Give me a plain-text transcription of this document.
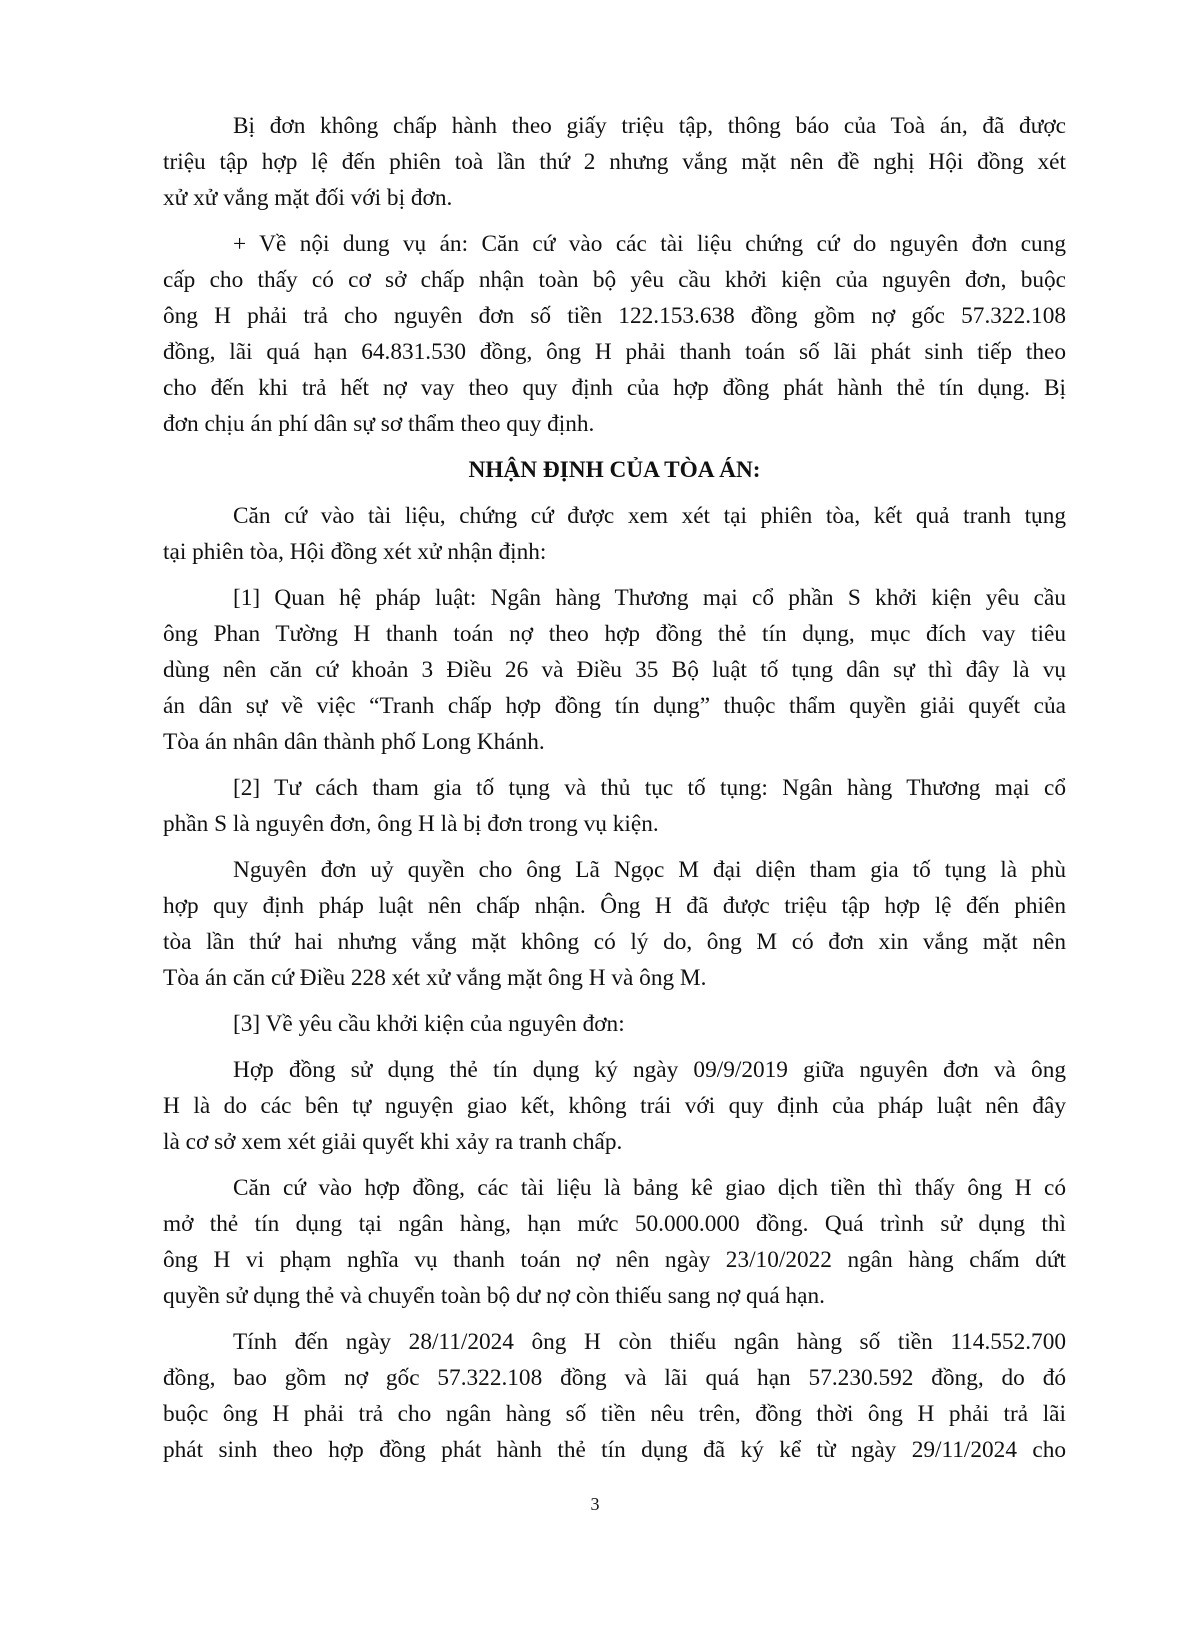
Bị đơn không chấp hành theo giấy triệu tập, thông báo của Toà án, đã được
triệu tập hợp lệ đến phiên toà lần thứ 2 nhưng vắng mặt nên đề nghị Hội đồng xét
xử xử vắng mặt đối với bị đơn.
+ Về nội dung vụ án: Căn cứ vào các tài liệu chứng cứ do nguyên đơn cung
cấp cho thấy có cơ sở chấp nhận toàn bộ yêu cầu khởi kiện của nguyên đơn, buộc
ông H phải trả cho nguyên đơn số tiền 122.153.638 đồng gồm nợ gốc 57.322.108
đồng, lãi quá hạn 64.831.530 đồng, ông H phải thanh toán số lãi phát sinh tiếp theo
cho đến khi trả hết nợ vay theo quy định của hợp đồng phát hành thẻ tín dụng. Bị
đơn chịu án phí dân sự sơ thẩm theo quy định.
NHẬN ĐỊNH CỦA TÒA ÁN:
Căn cứ vào tài liệu, chứng cứ được xem xét tại phiên tòa, kết quả tranh tụng
tại phiên tòa, Hội đồng xét xử nhận định:
[1] Quan hệ pháp luật: Ngân hàng Thương mại cổ phần S khởi kiện yêu cầu
ông Phan Tường H thanh toán nợ theo hợp đồng thẻ tín dụng, mục đích vay tiêu
dùng nên căn cứ khoản 3 Điều 26 và Điều 35 Bộ luật tố tụng dân sự thì đây là vụ
án dân sự về việc “Tranh chấp hợp đồng tín dụng” thuộc thẩm quyền giải quyết của
Tòa án nhân dân thành phố Long Khánh.
[2] Tư cách tham gia tố tụng và thủ tục tố tụng: Ngân hàng Thương mại cổ
phần S là nguyên đơn, ông H là bị đơn trong vụ kiện.
Nguyên đơn uỷ quyền cho ông Lã Ngọc M đại diện tham gia tố tụng là phù
hợp quy định pháp luật nên chấp nhận. Ông H đã được triệu tập hợp lệ đến phiên
tòa lần thứ hai nhưng vắng mặt không có lý do, ông M có đơn xin vắng mặt nên
Tòa án căn cứ Điều 228 xét xử vắng mặt ông H và ông M.
[3] Về yêu cầu khởi kiện của nguyên đơn:
Hợp đồng sử dụng thẻ tín dụng ký ngày 09/9/2019 giữa nguyên đơn và ông
H là do các bên tự nguyện giao kết, không trái với quy định của pháp luật nên đây
là cơ sở xem xét giải quyết khi xảy ra tranh chấp.
Căn cứ vào hợp đồng, các tài liệu là bảng kê giao dịch tiền thì thấy ông H có
mở thẻ tín dụng tại ngân hàng, hạn mức 50.000.000 đồng. Quá trình sử dụng thì
ông H vi phạm nghĩa vụ thanh toán nợ nên ngày 23/10/2022 ngân hàng chấm dứt
quyền sử dụng thẻ và chuyển toàn bộ dư nợ còn thiếu sang nợ quá hạn.
Tính đến ngày 28/11/2024 ông H còn thiếu ngân hàng số tiền 114.552.700
đồng, bao gồm nợ gốc 57.322.108 đồng và lãi quá hạn 57.230.592 đồng, do đó
buộc ông H phải trả cho ngân hàng số tiền nêu trên, đồng thời ông H phải trả lãi
phát sinh theo hợp đồng phát hành thẻ tín dụng đã ký kể từ ngày 29/11/2024 cho
3
